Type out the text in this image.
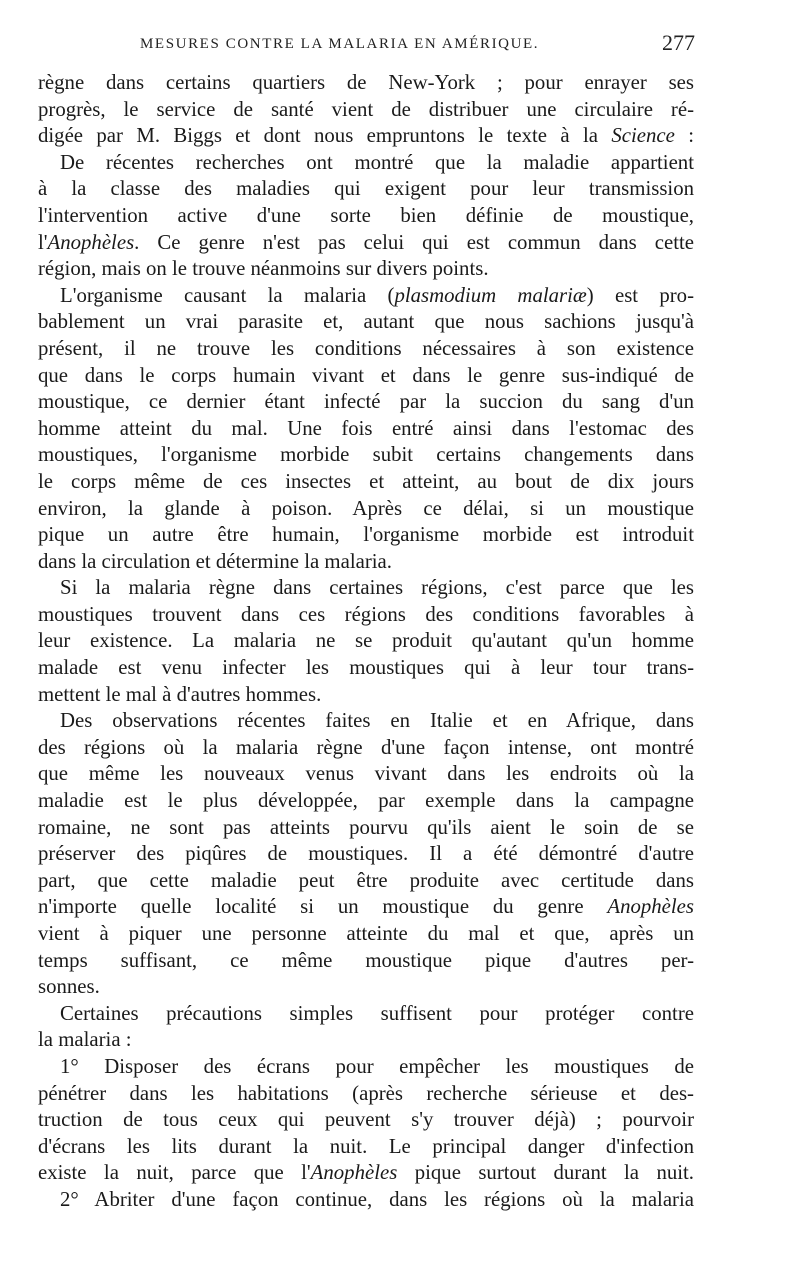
MESURES CONTRE LA MALARIA EN AMÉRIQUE.	277
règne dans certains quartiers de New-York ; pour enrayer ses
progrès, le service de santé vient de distribuer une circulaire ré-
digée par M. Biggs et dont nous empruntons le texte à la Science :
De récentes recherches ont montré que la maladie appartient
à la classe des maladies qui exigent pour leur transmission
l'intervention active d'une sorte bien définie de moustique,
l'Anophèles. Ce genre n'est pas celui qui est commun dans cette
région, mais on le trouve néanmoins sur divers points.
L'organisme causant la malaria (plasmodium malariæ) est pro-
bablement un vrai parasite et, autant que nous sachions jusqu'à
présent, il ne trouve les conditions nécessaires à son existence
que dans le corps humain vivant et dans le genre sus-indiqué de
moustique, ce dernier étant infecté par la succion du sang d'un
homme atteint du mal. Une fois entré ainsi dans l'estomac des
moustiques, l'organisme morbide subit certains changements dans
le corps même de ces insectes et atteint, au bout de dix jours
environ, la glande à poison. Après ce délai, si un moustique
pique un autre être humain, l'organisme morbide est introduit
dans la circulation et détermine la malaria.
Si la malaria règne dans certaines régions, c'est parce que les
moustiques trouvent dans ces régions des conditions favorables à
leur existence. La malaria ne se produit qu'autant qu'un homme
malade est venu infecter les moustiques qui à leur tour trans-
mettent le mal à d'autres hommes.
Des observations récentes faites en Italie et en Afrique, dans
des régions où la malaria règne d'une façon intense, ont montré
que même les nouveaux venus vivant dans les endroits où la
maladie est le plus développée, par exemple dans la campagne
romaine, ne sont pas atteints pourvu qu'ils aient le soin de se
préserver des piqûres de moustiques. Il a été démontré d'autre
part, que cette maladie peut être produite avec certitude dans
n'importe quelle localité si un moustique du genre Anophèles
vient à piquer une personne atteinte du mal et que, après un
temps suffisant, ce même moustique pique d'autres per-
sonnes.
Certaines précautions simples suffisent pour protéger contre
la malaria :
1° Disposer des écrans pour empêcher les moustiques de
pénétrer dans les habitations (après recherche sérieuse et des-
truction de tous ceux qui peuvent s'y trouver déjà) ; pourvoir
d'écrans les lits durant la nuit. Le principal danger d'infection
existe la nuit, parce que l'Anophèles pique surtout durant la nuit.
2° Abriter d'une façon continue, dans les régions où la malaria
